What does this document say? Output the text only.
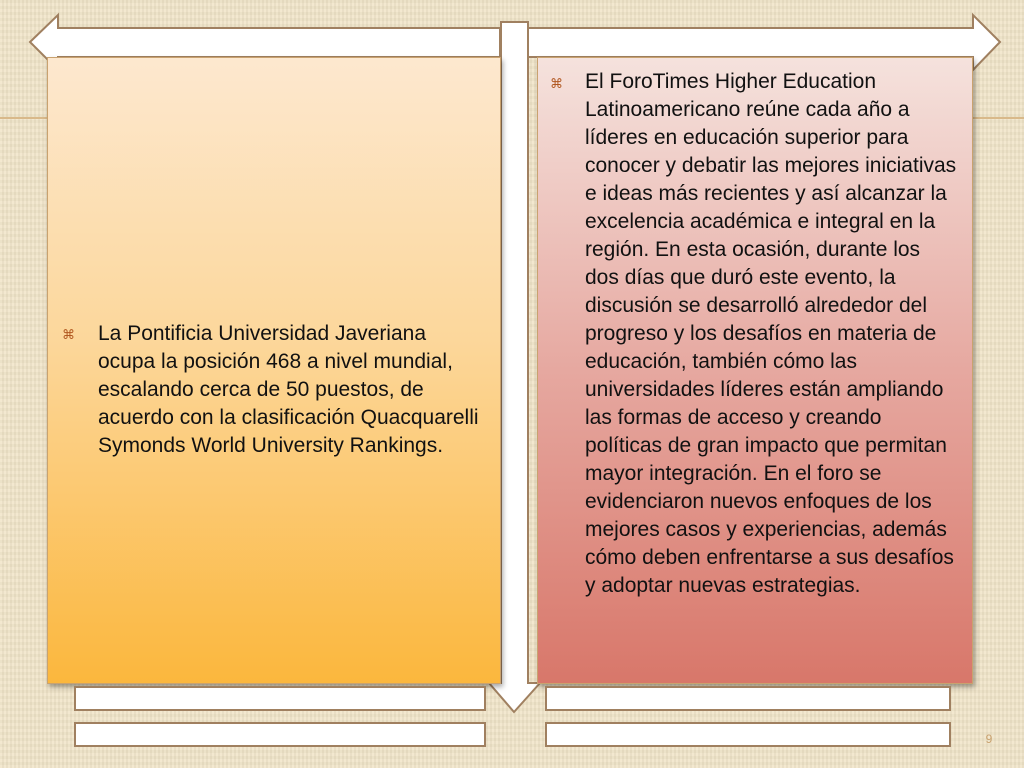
⌘ La Pontificia Universidad Javeriana ocupa la posición 468 a nivel mundial, escalando cerca de 50 puestos, de acuerdo con la clasificación Quacquarelli Symonds World University Rankings.
⌘ El ForoTimes Higher Education Latinoamericano reúne cada año a líderes en educación superior para conocer y debatir las mejores iniciativas e ideas más recientes y así alcanzar la excelencia académica e integral en la región. En esta ocasión, durante los dos días que duró este evento, la discusión se desarrolló alrededor del progreso y los desafíos en materia de educación, también cómo las universidades líderes están ampliando las formas de acceso y creando políticas de gran impacto que permitan mayor integración. En el foro se evidenciaron nuevos enfoques de los mejores casos y experiencias, además cómo deben enfrentarse a sus desafíos y adoptar nuevas estrategias.
9
